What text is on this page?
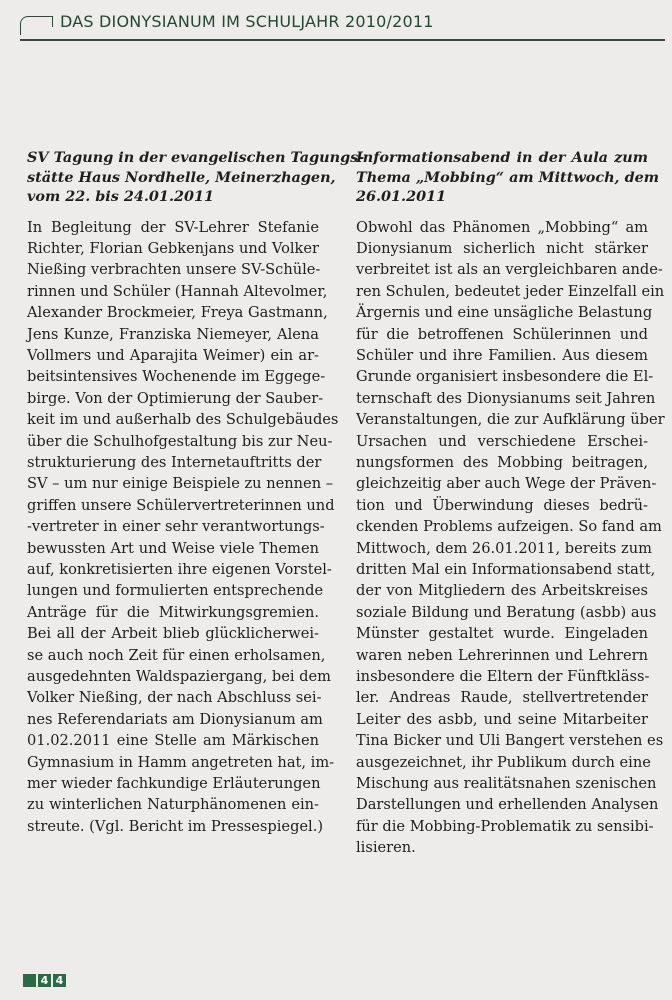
DAS DIONYSIANUM IM SCHULJAHR 2010/2011
SV Tagung in der evangelischen Tagungs-
stätte Haus Nordhelle, Meinerzhagen,
vom 22. bis 24.01.2011
In Begleitung der SV-Lehrer Stefanie
Richter, Florian Gebkenjans und Volker
Nießing verbrachten unsere SV-Schüle-
rinnen und Schüler (Hannah Altevolmer,
Alexander Brockmeier, Freya Gastmann,
Jens Kunze, Franziska Niemeyer, Alena
Vollmers und Aparajita Weimer) ein ar-
beitsintensives Wochenende im Eggege-
birge. Von der Optimierung der Sauber-
keit im und außerhalb des Schulgebäudes
über die Schulhofgestaltung bis zur Neu-
strukturierung des Internetauftritts der
SV – um nur einige Beispiele zu nennen –
griffen unsere Schülervertreterinnen und
-vertreter in einer sehr verantwortungs-
bewussten Art und Weise viele Themen
auf, konkretisierten ihre eigenen Vorstel-
lungen und formulierten entsprechende
Anträge für die Mitwirkungsgremien.
Bei all der Arbeit blieb glücklicherwei-
se auch noch Zeit für einen erholsamen,
ausgedehnten Waldspaziergang, bei dem
Volker Nießing, der nach Abschluss sei-
nes Referendariats am Dionysianum am
01.02.2011 eine Stelle am Märkischen
Gymnasium in Hamm angetreten hat, im-
mer wieder fachkundige Erläuterungen
zu winterlichen Naturphänomenen ein-
streute. (Vgl. Bericht im Pressespiegel.)
Informationsabend in der Aula zum
Thema „Mobbing“ am Mittwoch, dem
26.01.2011
Obwohl das Phänomen „Mobbing“ am
Dionysianum sicherlich nicht stärker
verbreitet ist als an vergleichbaren ande-
ren Schulen, bedeutet jeder Einzelfall ein
Ärgernis und eine unsägliche Belastung
für die betroffenen Schülerinnen und
Schüler und ihre Familien. Aus diesem
Grunde organisiert insbesondere die El-
ternschaft des Dionysianums seit Jahren
Veranstaltungen, die zur Aufklärung über
Ursachen und verschiedene Erschei-
nungsformen des Mobbing beitragen,
gleichzeitig aber auch Wege der Präven-
tion und Überwindung dieses bedrü-
ckenden Problems aufzeigen. So fand am
Mittwoch, dem 26.01.2011, bereits zum
dritten Mal ein Informationsabend statt,
der von Mitgliedern des Arbeitskreises
soziale Bildung und Beratung (asbb) aus
Münster gestaltet wurde. Eingeladen
waren neben Lehrerinnen und Lehrern
insbesondere die Eltern der Fünftkläss-
ler. Andreas Raude, stellvertretender
Leiter des asbb, und seine Mitarbeiter
Tina Bicker und Uli Bangert verstehen es
ausgezeichnet, ihr Publikum durch eine
Mischung aus realitätsnahen szenischen
Darstellungen und erhellenden Analysen
für die Mobbing-Problematik zu sensibi-
lisieren.
4 4
